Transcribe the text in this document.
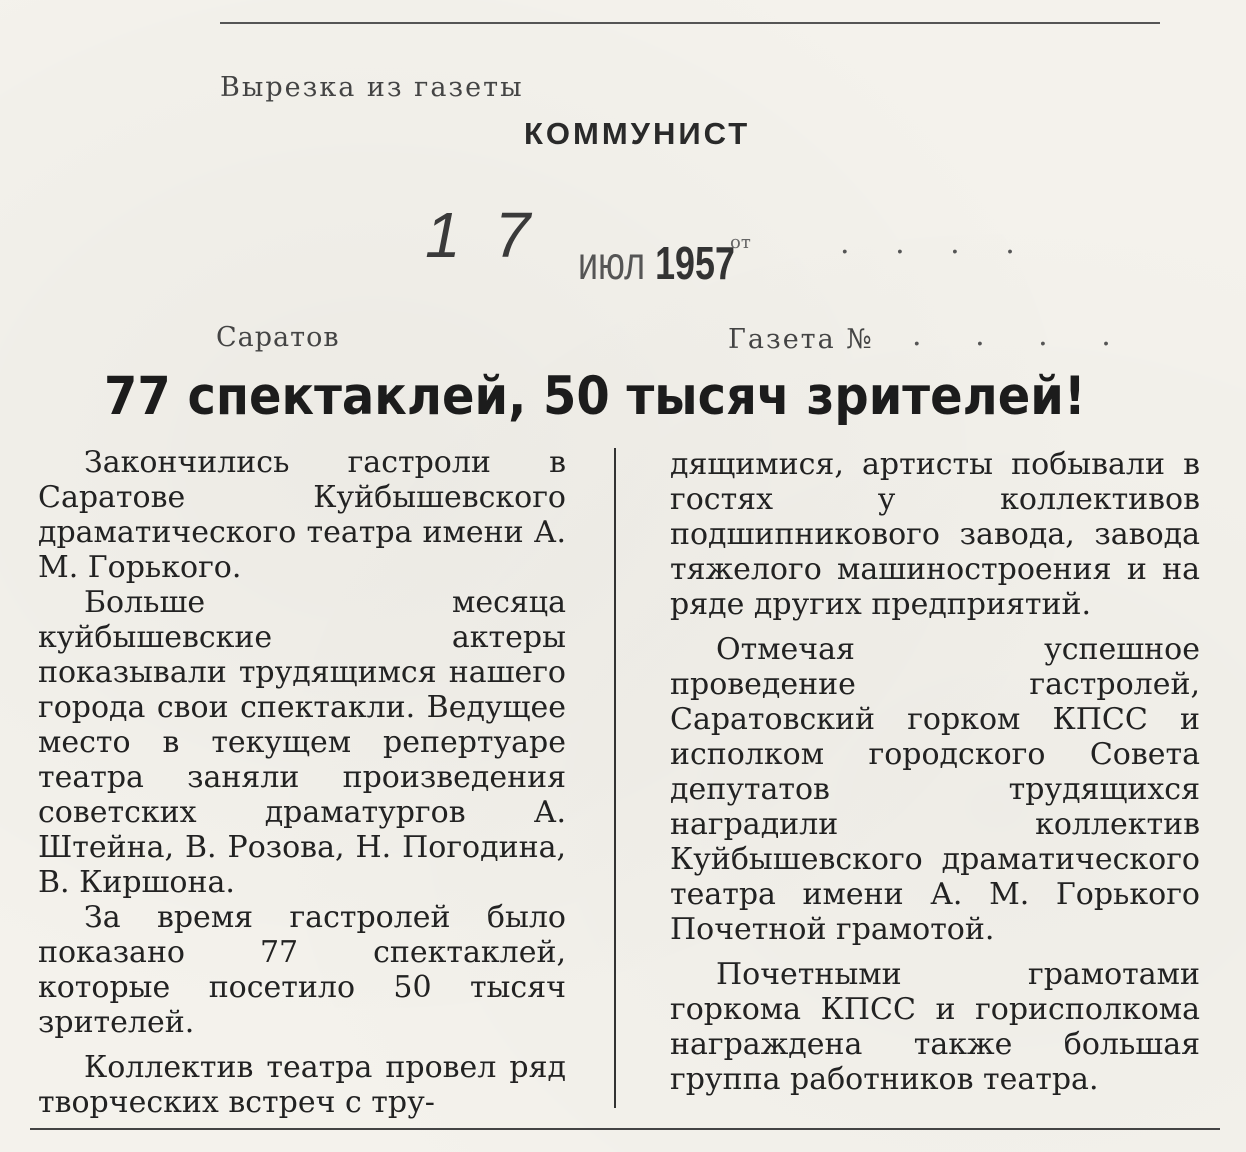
Вырезка из газеты
КОММУНИСТ
17 июл 1957
от	. . . .
Саратов	Газета № . . . .
77 спектаклей, 50 тысяч зрителей!

Закончились гастроли в Саратове Куйбышевского драматического театра имени А. М. Горького.

Больше месяца куйбышевские актеры показывали трудящимся нашего города свои спектакли. Ведущее место в текущем репертуаре театра заняли произведения советских драматургов А. Штейна, В. Розова, Н. Погодина, В. Киршона.

За время гастролей было показано 77 спектаклей, которые посетило 50 тысяч зрителей.

Коллектив театра провел ряд творческих встреч с тру-

дящимися, артисты побывали в гостях у коллективов подшипникового завода, завода тяжелого машиностроения и на ряде других предприятий.

Отмечая успешное проведение гастролей, Саратовский горком КПСС и исполком городского Совета депутатов трудящихся наградили коллектив Куйбышевского драматического театра имени А. М. Горького Почетной грамотой.

Почетными грамотами горкома КПСС и горисполкома награждена также большая группа работников театра.
